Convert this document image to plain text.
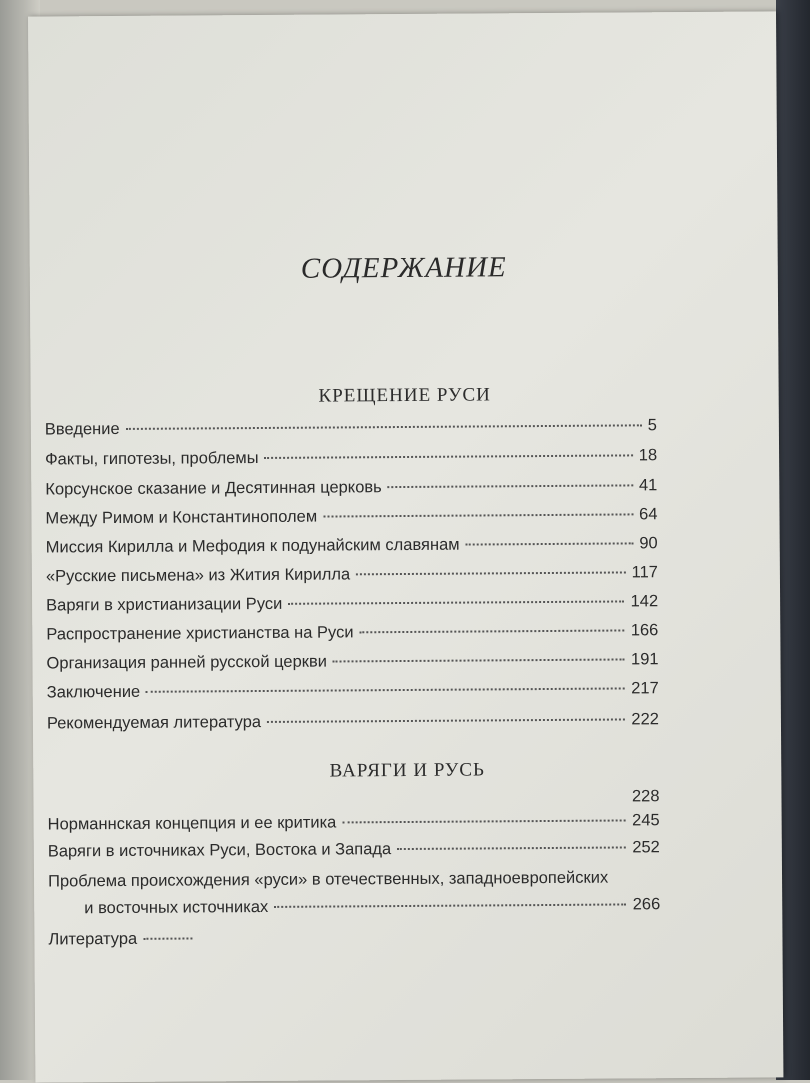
СОДЕРЖАНИЕ
КРЕЩЕНИЕ РУСИ
Введение	5
Факты, гипотезы, проблемы	18
Корсунское сказание и Десятинная церковь	41
Между Римом и Константинополем	64
Миссия Кирилла и Мефодия к подунайским славянам	90
«Русские письмена» из Жития Кирилла	117
Варяги в христианизации Руси	142
Распространение христианства на Руси	166
Организация ранней русской церкви	191
Заключение	217
Рекомендуемая литература	222
ВАРЯГИ И РУСЬ
228
Норманнская концепция и ее критика	245
Варяги в источниках Руси, Востока и Запада	252
Проблема происхождения «руси» в отечественных, западноевропейских
и восточных источниках	266
Литература
